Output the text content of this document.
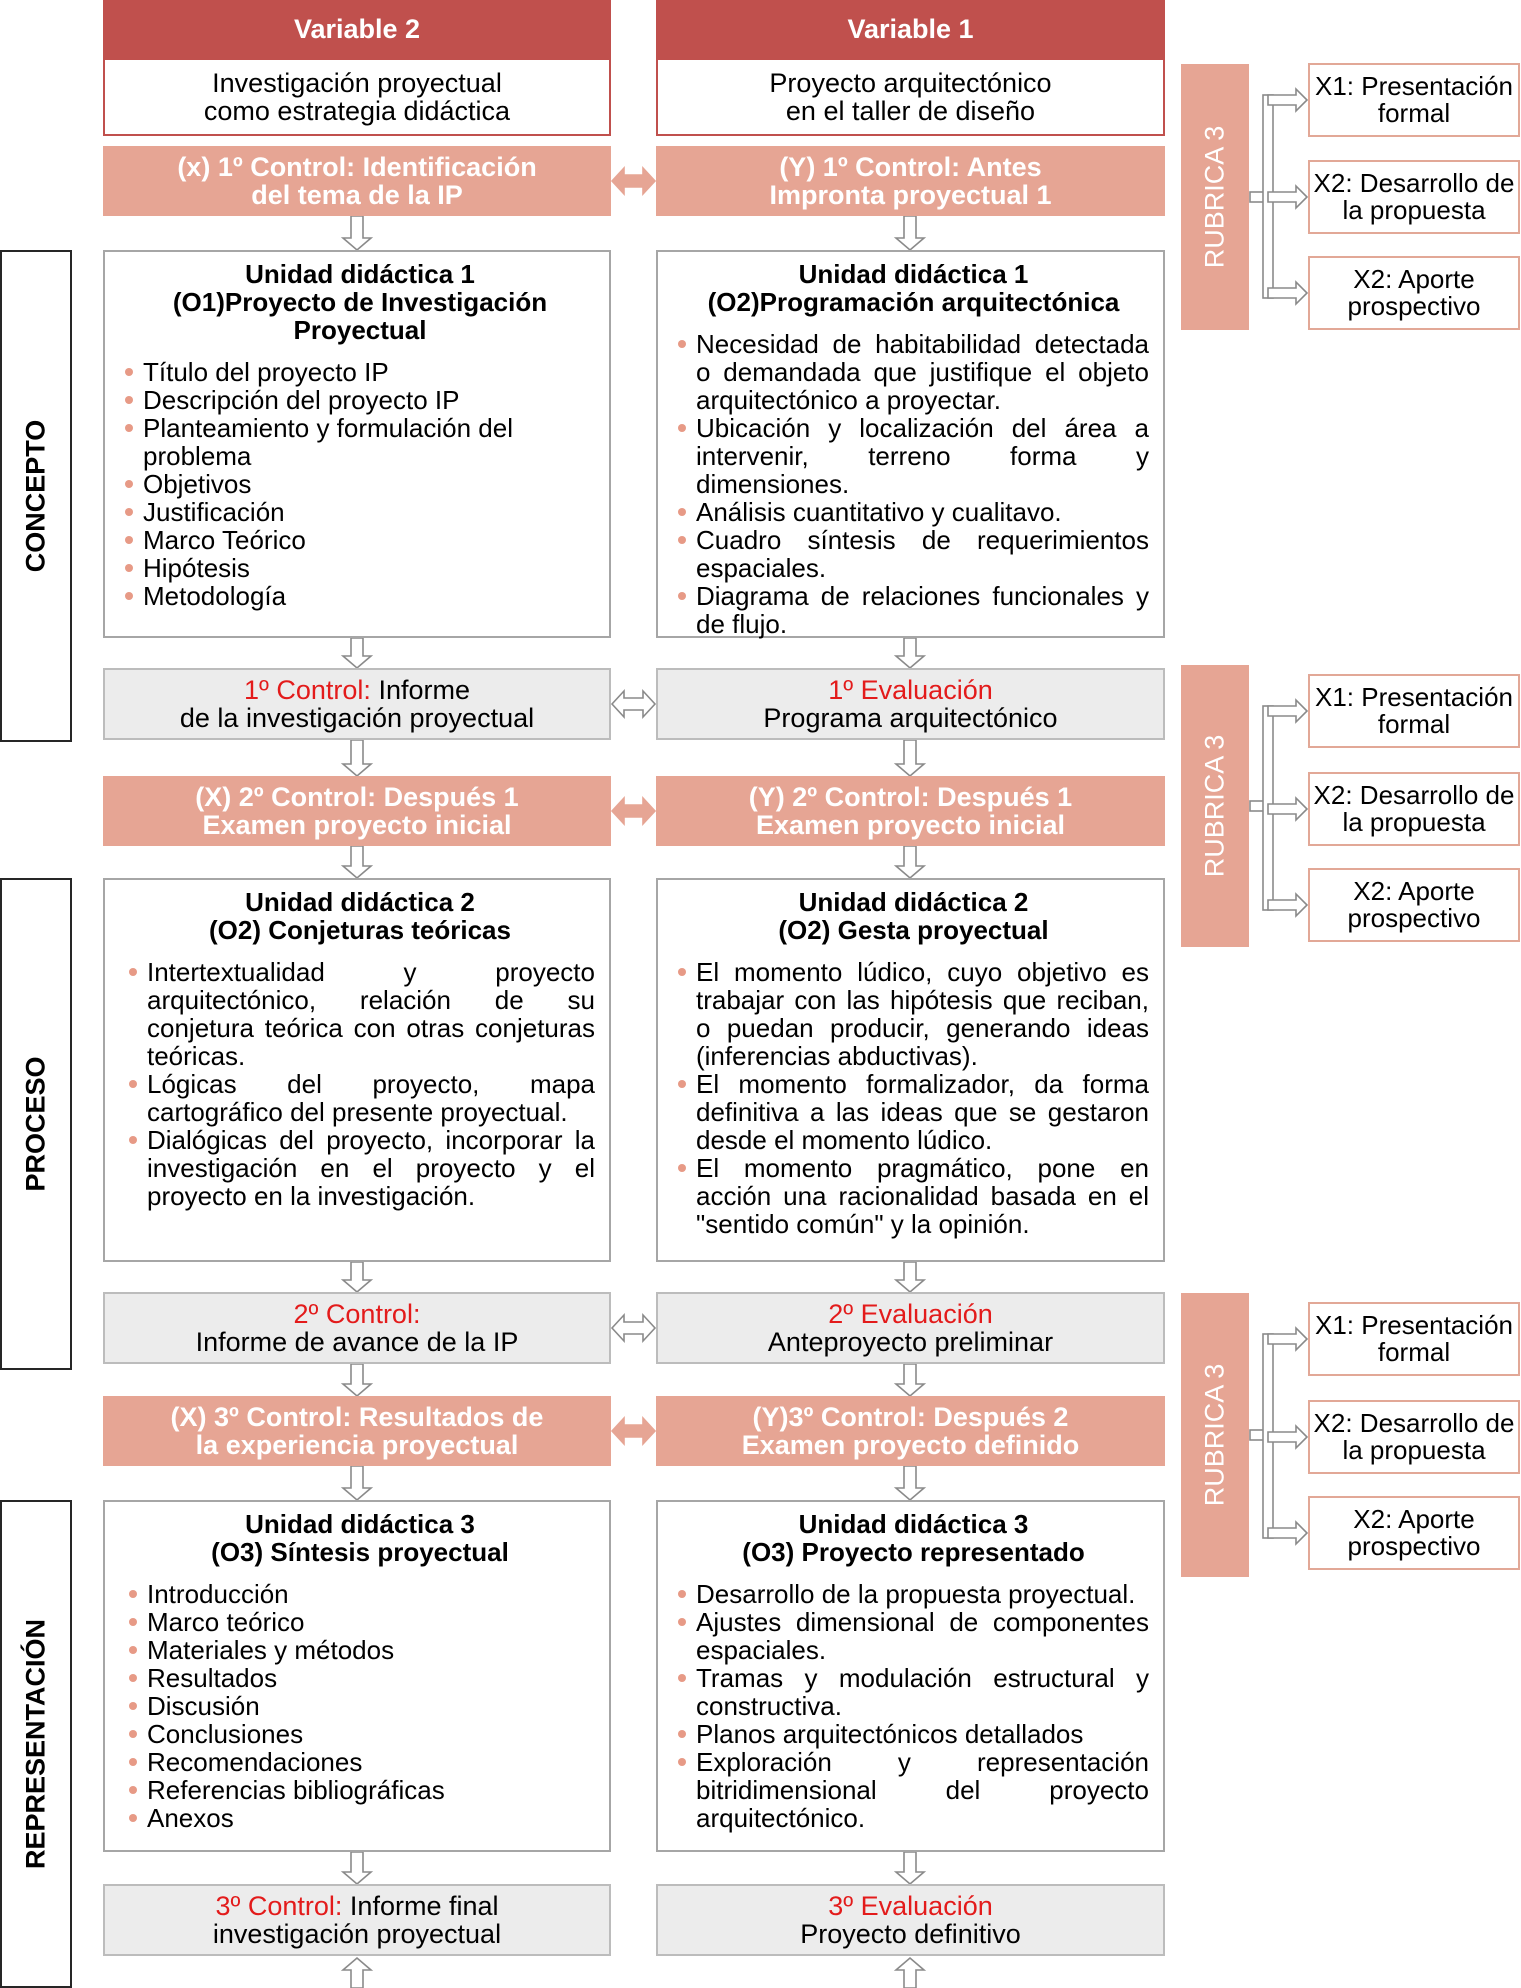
Variable 2	Variable 1
Investigación proyectual
como estrategia didáctica
Proyecto arquitectónico
en el taller de diseño
(x) 1º Control: Identificación
del tema de la IP
(Y) 1º Control: Antes
Impronta proyectual 1
Unidad didáctica 1
(O1)Proyecto de Investigación Proyectual
Título del proyecto IP
Descripción del proyecto IP
Planteamiento y formulación del problema
Objetivos
Justificación
Marco Teórico
Hipótesis
Metodología
Unidad didáctica 1
(O2)Programación arquitectónica
Necesidad de habitabilidad detectada o demandada que justifique el objeto arquitectónico a proyectar.
Ubicación y localización del área a intervenir, terreno forma y dimensiones.
Análisis cuantitativo y cualitavo.
Cuadro síntesis de requerimientos espaciales.
Diagrama de relaciones funcionales y de flujo.
1º Control: Informe
de la investigación proyectual
1º Evaluación
Programa arquitectónico
(X) 2º Control: Después 1
Examen proyecto inicial
(Y) 2º Control: Después 1
Examen proyecto inicial
Unidad didáctica 2
(O2) Conjeturas teóricas
Intertextualidad y proyecto arquitectónico, relación de su conjetura teórica con otras conjeturas teóricas.
Lógicas del proyecto, mapa cartográfico del presente proyectual.
Dialógicas del proyecto, incorporar la investigación en el proyecto y el proyecto en la investigación.
Unidad didáctica 2
(O2) Gesta proyectual
El momento lúdico, cuyo objetivo es trabajar con las hipótesis que reciban, o puedan producir, generando ideas (inferencias abductivas).
El momento formalizador, da forma definitiva a las ideas que se gestaron desde el momento lúdico.
El momento pragmático, pone en acción una racionalidad basada en el "sentido común" y la opinión.
2º Control:
Informe de avance de la IP
2º Evaluación
Anteproyecto preliminar
(X) 3º Control: Resultados de
la experiencia proyectual
(Y)3º Control: Después 2
Examen proyecto definido
Unidad didáctica 3
(O3) Síntesis proyectual
Introducción
Marco teórico
Materiales y métodos
Resultados
Discusión
Conclusiones
Recomendaciones
Referencias bibliográficas
Anexos
Unidad didáctica 3
(O3) Proyecto representado
Desarrollo de la propuesta proyectual.
Ajustes dimensional de componentes espaciales.
Tramas y modulación estructural y constructiva.
Planos arquitectónicos detallados
Exploración y representación bitridimensional del proyecto arquitectónico.
3º Control: Informe final
investigación proyectual
3º Evaluación
Proyecto definitivo
CONCEPTO
PROCESO
REPRESENTACIÓN
RUBRICA 3
RUBRICA 3
RUBRICA 3
X1: Presentación
formal
X2: Desarrollo de
la propuesta
X2: Aporte
prospectivo
X1: Presentación
formal
X2: Desarrollo de
la propuesta
X2: Aporte
prospectivo
X1: Presentación
formal
X2: Desarrollo de
la propuesta
X2: Aporte
prospectivo
